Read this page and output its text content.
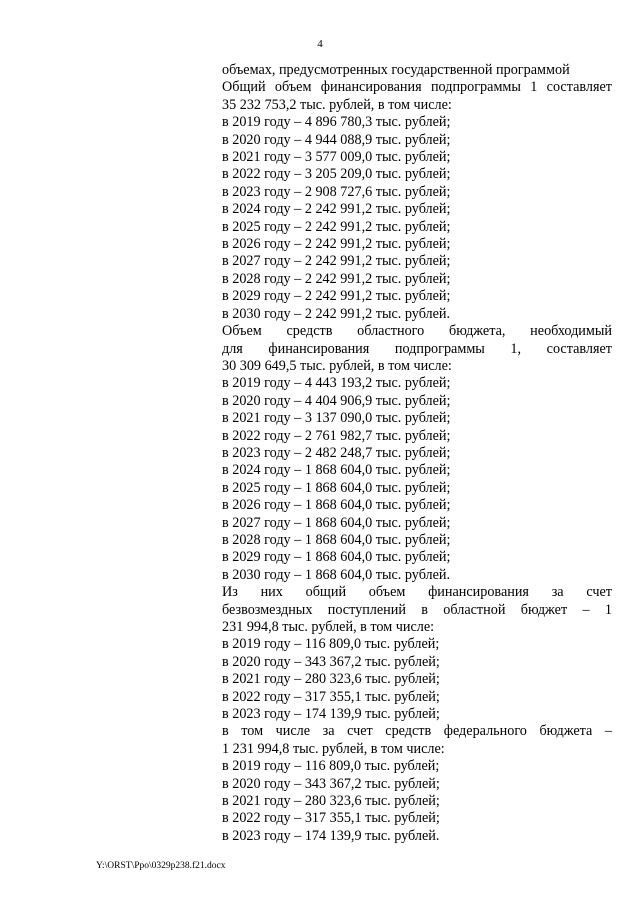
4
объемах, предусмотренных государственной программой
Общий объем финансирования подпрограммы 1 составляет
35 232 753,2 тыс. рублей, в том числе:
в 2019 году – 4 896 780,3 тыс. рублей;
в 2020 году – 4 944 088,9 тыс. рублей;
в 2021 году – 3 577 009,0 тыс. рублей;
в 2022 году – 3 205 209,0 тыс. рублей;
в 2023 году – 2 908 727,6 тыс. рублей;
в 2024 году – 2 242 991,2 тыс. рублей;
в 2025 году – 2 242 991,2 тыс. рублей;
в 2026 году – 2 242 991,2 тыс. рублей;
в 2027 году – 2 242 991,2 тыс. рублей;
в 2028 году – 2 242 991,2 тыс. рублей;
в 2029 году – 2 242 991,2 тыс. рублей;
в 2030 году – 2 242 991,2 тыс. рублей.
Объем средств областного бюджета, необходимый
для финансирования подпрограммы 1, составляет
30 309 649,5 тыс. рублей, в том числе:
в 2019 году – 4 443 193,2 тыс. рублей;
в 2020 году – 4 404 906,9 тыс. рублей;
в 2021 году – 3 137 090,0 тыс. рублей;
в 2022 году – 2 761 982,7 тыс. рублей;
в 2023 году – 2 482 248,7 тыс. рублей;
в 2024 году – 1 868 604,0 тыс. рублей;
в 2025 году – 1 868 604,0 тыс. рублей;
в 2026 году – 1 868 604,0 тыс. рублей;
в 2027 году – 1 868 604,0 тыс. рублей;
в 2028 году – 1 868 604,0 тыс. рублей;
в 2029 году – 1 868 604,0 тыс. рублей;
в 2030 году – 1 868 604,0 тыс. рублей.
Из них общий объем финансирования за счет
безвозмездных поступлений в областной бюджет – 1
231 994,8 тыс. рублей, в том числе:
в 2019 году – 116 809,0 тыс. рублей;
в 2020 году – 343 367,2 тыс. рублей;
в 2021 году – 280 323,6 тыс. рублей;
в 2022 году – 317 355,1 тыс. рублей;
в 2023 году – 174 139,9 тыс. рублей;
в том числе за счет средств федерального бюджета –
1 231 994,8 тыс. рублей, в том числе:
в 2019 году – 116 809,0 тыс. рублей;
в 2020 году – 343 367,2 тыс. рублей;
в 2021 году – 280 323,6 тыс. рублей;
в 2022 году – 317 355,1 тыс. рублей;
в 2023 году – 174 139,9 тыс. рублей.
Y:\ORST\Ppo\0329p238.f21.docx
